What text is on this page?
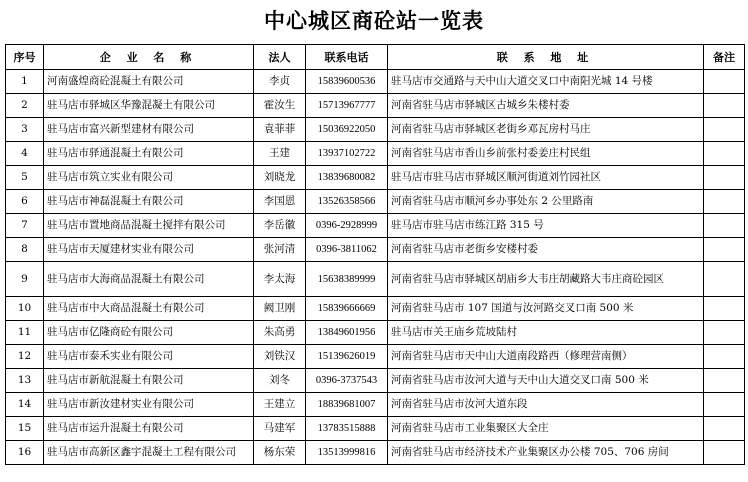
中心城区商砼站一览表
序号	企 业 名 称	法人	联系电话	联 系 地 址	备注
1	河南盛煌商砼混凝土有限公司	李贞	15839600536	驻马店市交通路与天中山大道交叉口中南阳光城 14 号楼	
2	驻马店市驿城区华豫混凝土有限公司	霍汝生	15713967777	河南省驻马店市驿城区古城乡朱楼村委	
3	驻马店市富兴新型建材有限公司	袁菲菲	15036922050	河南省驻马店市驿城区老街乡邓瓦房村马庄	
4	驻马店市驿通混凝土有限公司	王建	13937102722	河南省驻马店市香山乡前张村委姜庄村民组	
5	驻马店市筑立实业有限公司	刘晓龙	13839680082	驻马店市驻马店市驿城区顺河街道刘竹园社区	
6	驻马店市神磊混凝土有限公司	李国恩	13526358566	河南省驻马店市顺河乡办事处东 2 公里路南	
7	驻马店市置地商品混凝土搅拌有限公司	李岳徽	0396-2928999	驻马店市驻马店市练江路 315 号	
8	驻马店市天厦建材实业有限公司	张河清	0396-3811062	河南省驻马店市老街乡安楼村委	
9	驻马店市大海商品混凝土有限公司	李太海	15638389999	河南省驻马店市驿城区胡庙乡大韦庄胡藏路大韦庄商砼园区	
10	驻马店市中大商品混凝土有限公司	阙卫刚	15839666669	河南省驻马店市 107 国道与汝河路交叉口南 500 米	
11	驻马店市亿隆商砼有限公司	朱高勇	13849601956	驻马店市关王庙乡荒坡陆村	
12	驻马店市泰禾实业有限公司	刘铁汉	15139626019	河南省驻马店市天中山大道南段路西（修理营南侧）	
13	驻马店市新航混凝土有限公司	刘冬	0396-3737543	河南省驻马店市汝河大道与天中山大道交叉口南 500 米	
14	驻马店市新汝建材实业有限公司	王建立	18839681007	河南省驻马店市汝河大道东段	
15	驻马店市运升混凝土有限公司	马建军	13783515888	河南省驻马店市工业集聚区大全庄	
16	驻马店市高新区鑫宇混凝土工程有限公司	杨东荣	13513999816	河南省驻马店市经济技术产业集聚区办公楼 705、706 房间	
